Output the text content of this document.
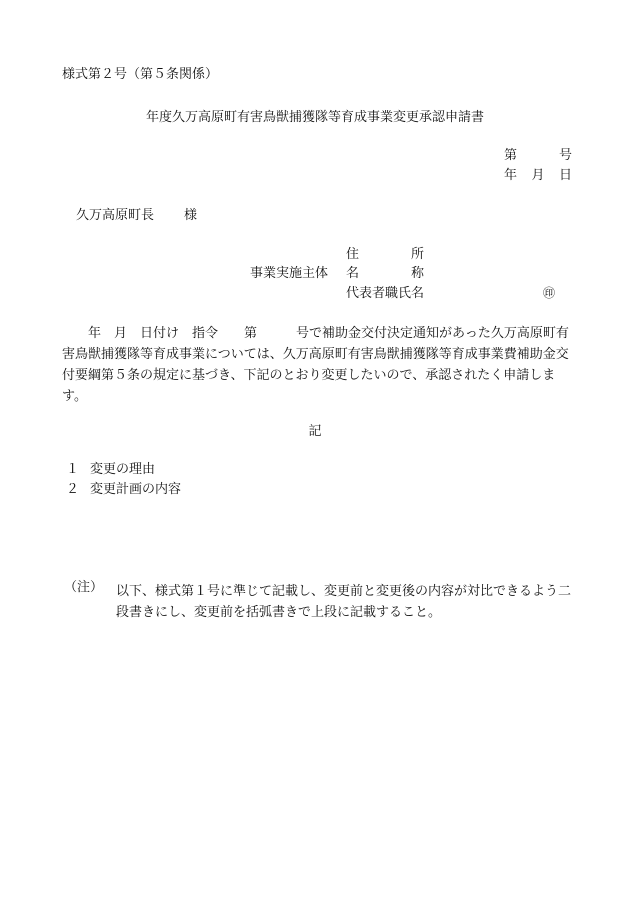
様式第２号（第５条関係）
年度久万高原町有害鳥獣捕獲隊等育成事業変更承認申請書
第	号
年 月 日
久万高原町長 様
事業実施主体
住	所
名	称
代表者職氏名	㊞
年　月　日付け　指令　　第　　　号で補助金交付決定通知があった久万高原町有害鳥獣捕獲隊等育成事業については、久万高原町有害鳥獣捕獲隊等育成事業費補助金交付要綱第５条の規定に基づき、下記のとおり変更したいので、承認されたく申請します。
記
１ 変更の理由
２ 変更計画の内容
（注） 以下、様式第１号に準じて記載し、変更前と変更後の内容が対比できるよう二段書きにし、変更前を括弧書きで上段に記載すること。
